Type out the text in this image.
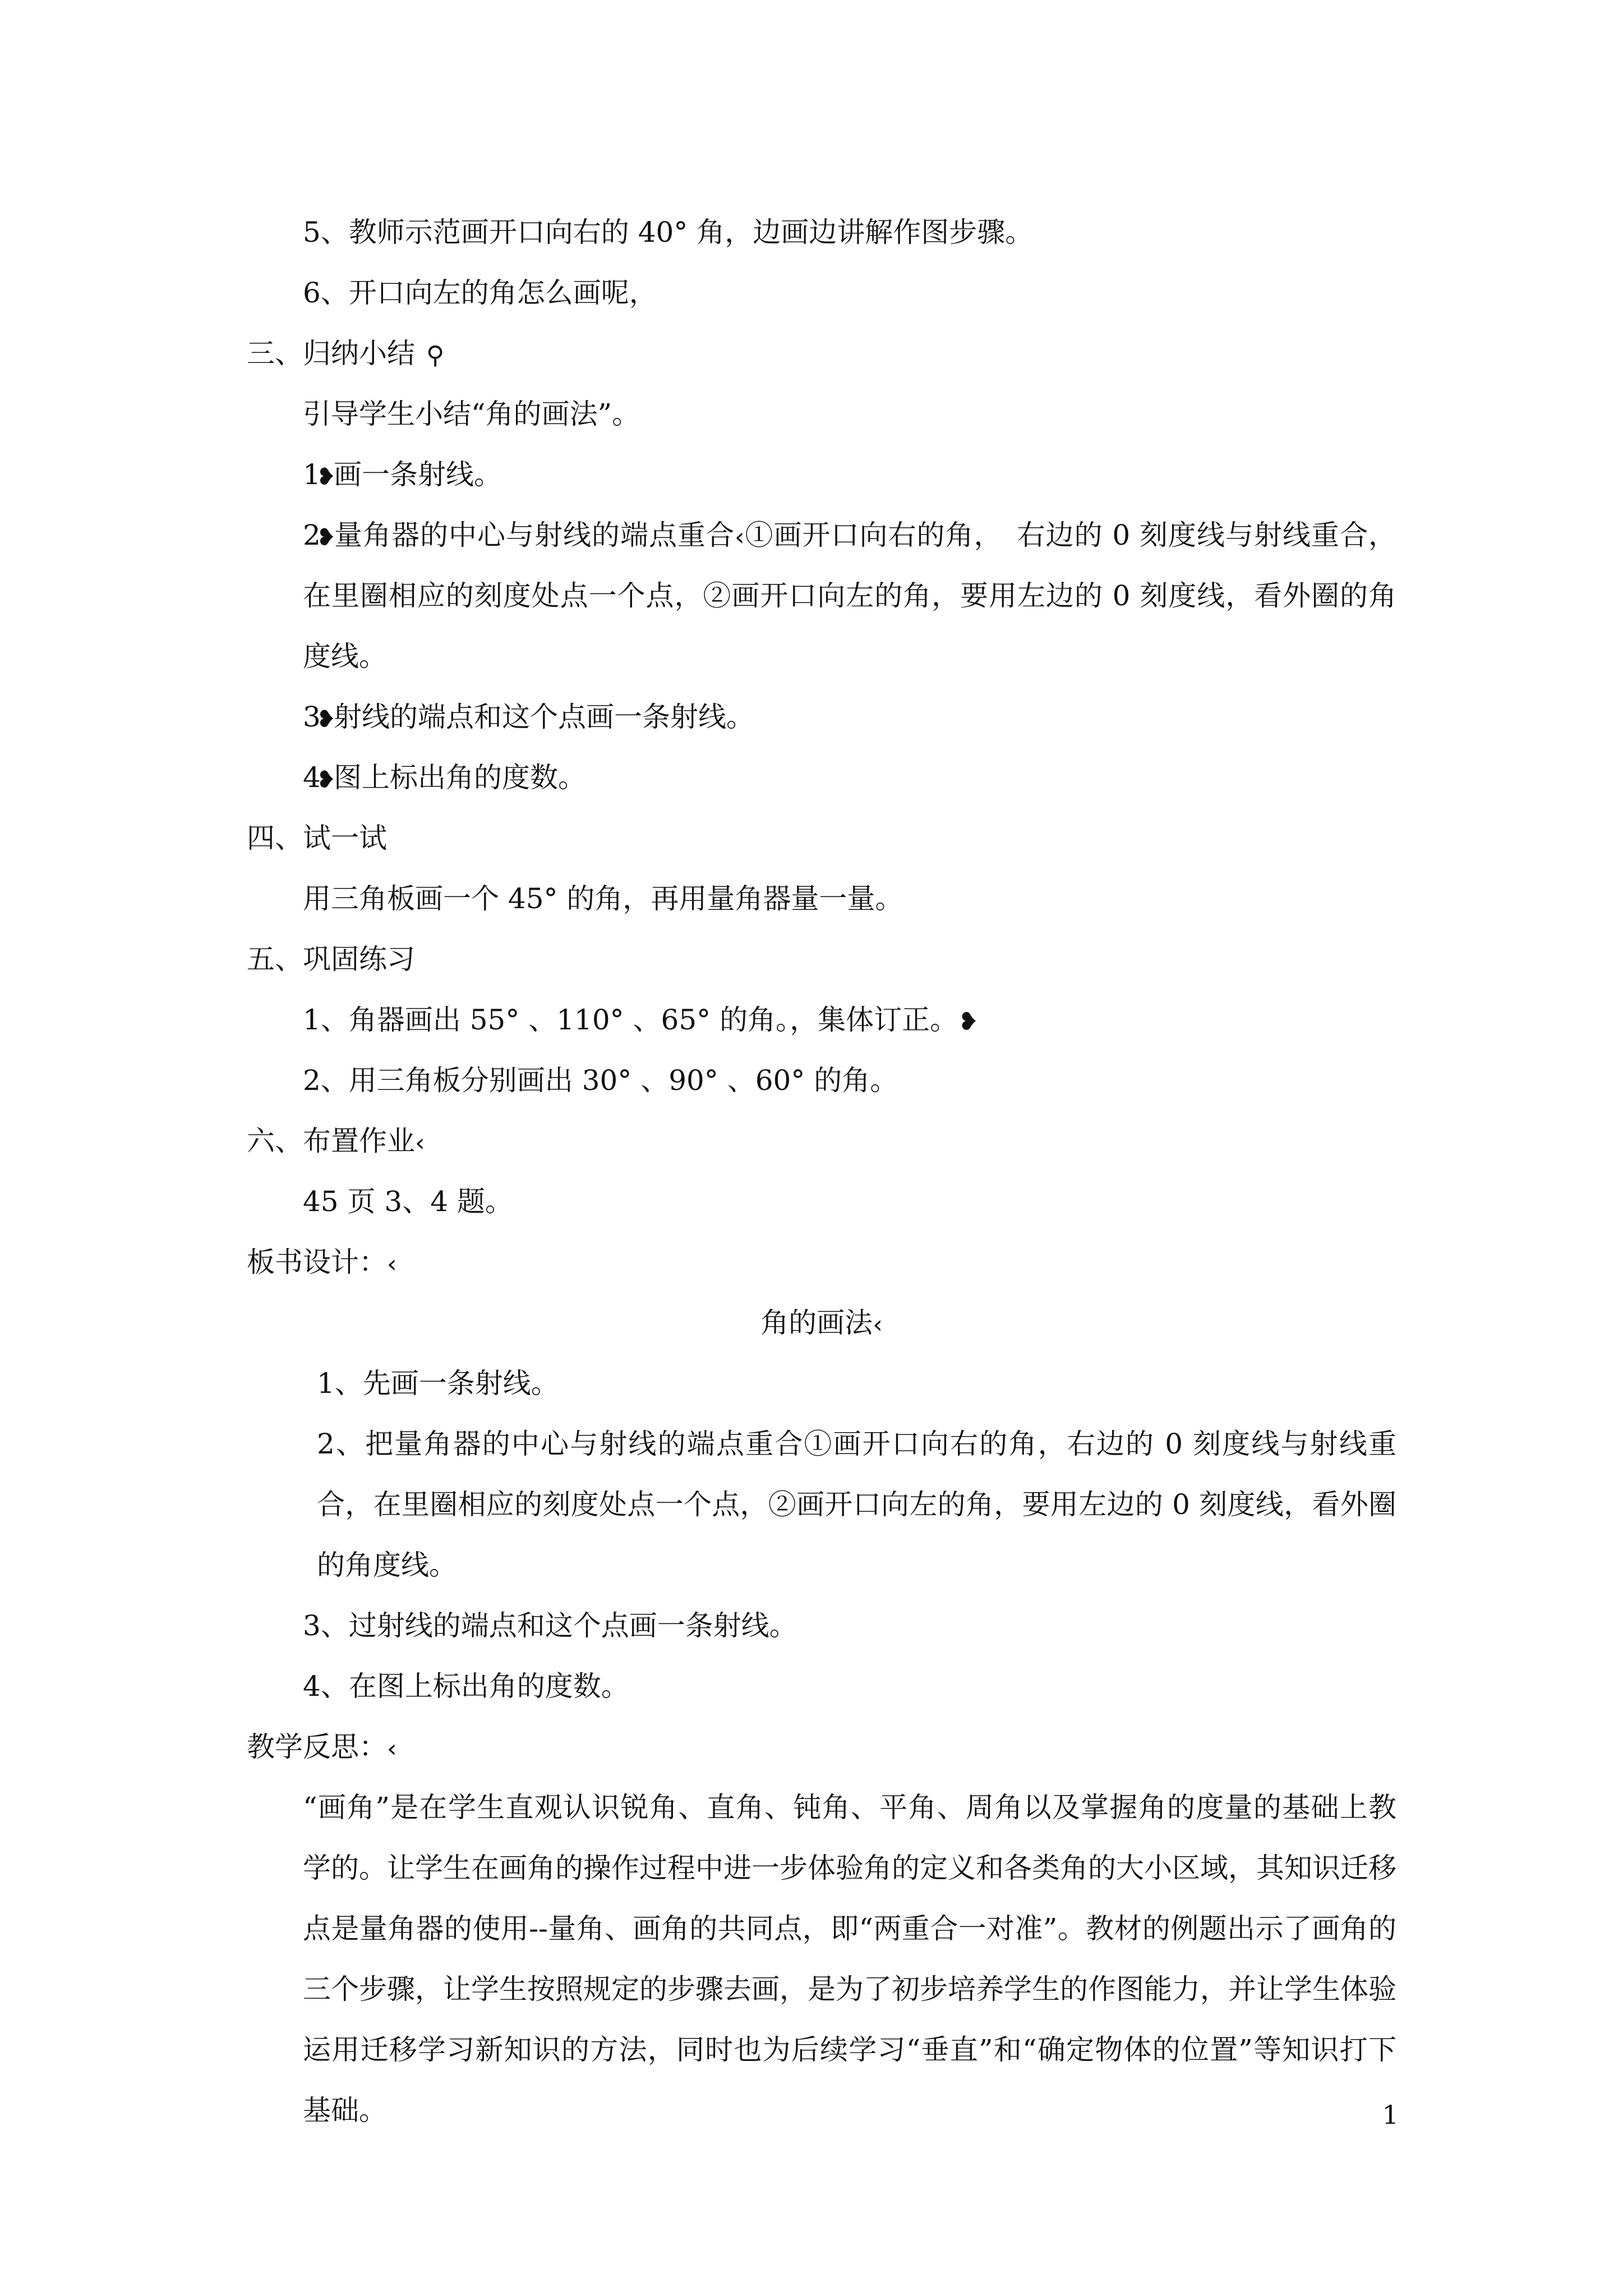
5、教师示范画开口向右的 40° 角，边画边讲解作图步骤。
6、开口向左的角怎么画呢，
三、归纳小结 ⚲
引导学生小结“角的画法”。
1❥画一条射线。
2❥量角器的中心与射线的端点重合‹①画开口向右的角，　右边的 0 刻度线与射线重合，在里圈相应的刻度处点一个点，②画开口向左的角，要用左边的 0 刻度线，看外圈的角度线。
3❥射线的端点和这个点画一条射线。
4❥图上标出角的度数。
四、试一试
用三角板画一个 45° 的角，再用量角器量一量。
五、巩固练习
1、角器画出 55° 、110° 、65° 的角。，集体订正。❥
2、用三角板分别画出 30° 、90° 、60° 的角。
六、布置作业‹
45 页 3、4 题。
板书设计：‹
角的画法‹
1、先画一条射线。
2、把量角器的中心与射线的端点重合①画开口向右的角，右边的 0 刻度线与射线重合，在里圈相应的刻度处点一个点，②画开口向左的角，要用左边的 0 刻度线，看外圈的角度线。
3、过射线的端点和这个点画一条射线。
4、在图上标出角的度数。
教学反思：‹
“画角”是在学生直观认识锐角、直角、钝角、平角、周角以及掌握角的度量的基础上教学的。让学生在画角的操作过程中进一步体验角的定义和各类角的大小区域，其知识迁移点是量角器的使用--量角、画角的共同点，即“两重合一对准”。教材的例题出示了画角的三个步骤，让学生按照规定的步骤去画，是为了初步培养学生的作图能力，并让学生体验运用迁移学习新知识的方法，同时也为后续学习“垂直”和“确定物体的位置”等知识打下基础。	1
